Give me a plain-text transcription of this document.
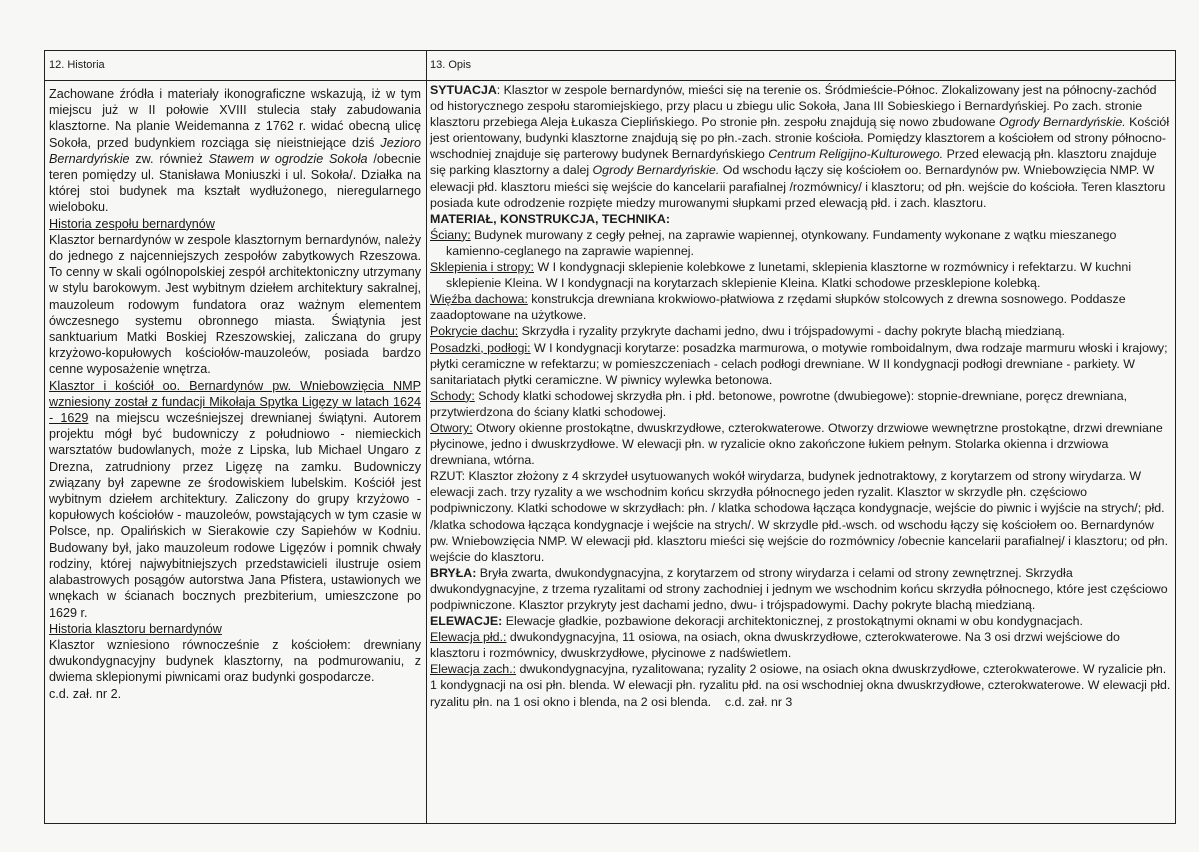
12. Historia

Zachowane źródła i materiały ikonograficzne wskazują, iż w tym miejscu już w II połowie XVIII stulecia stały zabudowania klasztorne. Na planie Weidemanna z 1762 r. widać obecną ulicę Sokoła, przed budynkiem rozciąga się nieistniejące dziś Jezioro Bernardyńskie zw. również Stawem w ogrodzie Sokoła /obecnie teren pomiędzy ul. Stanisława Moniuszki i ul. Sokoła/. Działka na której stoi budynek ma kształt wydłużonego, nieregularnego wieloboku.

Historia zespołu bernardynów

Klasztor bernardynów w zespole klasztornym bernardynów, należy do jednego z najcenniejszych zespołów zabytkowych Rzeszowa. To cenny w skali ogólnopolskiej zespół architektoniczny utrzymany w stylu barokowym. Jest wybitnym dziełem architektury sakralnej, mauzoleum rodowym fundatora oraz ważnym elementem ówczesnego systemu obronnego miasta. Świątynia jest sanktuarium Matki Boskiej Rzeszowskiej, zaliczana do grupy krzyżowo-kopułowych kościołów-mauzoleów, posiada bardzo cenne wyposażenie wnętrza.

Klasztor i kościół oo. Bernardynów pw. Wniebowzięcia NMP wzniesiony został z fundacji Mikołaja Spytka Ligęzy w latach 1624 - 1629 na miejscu wcześniejszej drewnianej świątyni. Autorem projektu mógł być budowniczy z południowo - niemieckich warsztatów budowlanych, może z Lipska, lub Michael Ungaro z Drezna, zatrudniony przez Ligęzę na zamku. Budowniczy związany był zapewne ze środowiskiem lubelskim. Kościół jest wybitnym dziełem architektury. Zaliczony do grupy krzyżowo - kopułowych kościołów - mauzoleów, powstających w tym czasie w Polsce, np. Opalińskich w Sierakowie czy Sapiehów w Kodniu. Budowany był, jako mauzoleum rodowe Ligęzów i pomnik chwały rodziny, której najwybitniejszych przedstawicieli ilustruje osiem alabastrowych posągów autorstwa Jana Pfistera, ustawionych we wnękach w ścianach bocznych prezbiterium, umieszczone po 1629 r.

Historia klasztoru bernardynów

Klasztor wzniesiono równocześnie z kościołem: drewniany dwukondygnacyjny budynek klasztorny, na podmurowaniu, z dwiema sklepionymi piwnicami oraz budynki gospodarcze.

c.d. zał. nr 2.

13. Opis

SYTUACJA: Klasztor w zespole bernardynów, mieści się na terenie os. Śródmieście-Północ. Zlokalizowany jest na północny-zachód od historycznego zespołu staromiejskiego, przy placu u zbiegu ulic Sokoła, Jana III Sobieskiego i Bernardyńskiej. Po zach. stronie klasztoru przebiega Aleja Łukasza Cieplińskiego. Po stronie płn. zespołu znajdują się nowo zbudowane Ogrody Bernardyńskie. Kościół jest orientowany, budynki klasztorne znajdują się po płn.-zach. stronie kościoła. Pomiędzy klasztorem a kościołem od strony północno-wschodniej znajduje się parterowy budynek Bernardyńskiego Centrum Religijno-Kulturowego. Przed elewacją płn. klasztoru znajduje się parking klasztorny a dalej Ogrody Bernardyńskie. Od wschodu łączy się kościołem oo. Bernardynów pw. Wniebowzięcia NMP. W elewacji płd. klasztoru mieści się wejście do kancelarii parafialnej /rozmównicy/ i klasztoru; od płn. wejście do kościoła. Teren klasztoru posiada kute odrodzenie rozpięte miedzy murowanymi słupkami przed elewacją płd. i zach. klasztoru.

MATERIAŁ, KONSTRUKCJA, TECHNIKA:

Ściany: Budynek murowany z cegły pełnej, na zaprawie wapiennej, otynkowany. Fundamenty wykonane z wątku mieszanego kamienno-ceglanego na zaprawie wapiennej.

Sklepienia i stropy: W I kondygnacji sklepienie kolebkowe z lunetami, sklepienia klasztorne w rozmównicy i refektarzu. W kuchni sklepienie Kleina. W I kondygnacji na korytarzach sklepienie Kleina. Klatki schodowe przesklepione kolebką.

Więźba dachowa: konstrukcja drewniana krokwiowo-płatwiowa z rzędami słupków stolcowych z drewna sosnowego. Poddasze zaadoptowane na użytkowe.

Pokrycie dachu: Skrzydła i ryzality przykryte dachami jedno, dwu i trójspadowymi - dachy pokryte blachą miedzianą.

Posadzki, podłogi: W I kondygnacji korytarze: posadzka marmurowa, o motywie romboidalnym, dwa rodzaje marmuru włoski i krajowy; płytki ceramiczne w refektarzu; w pomieszczeniach - celach podłogi drewniane. W II kondygnacji podłogi drewniane - parkiety. W sanitariatach płytki ceramiczne. W piwnicy wylewka betonowa.

Schody: Schody klatki schodowej skrzydła płn. i płd. betonowe, powrotne (dwubiegowe): stopnie-drewniane, poręcz drewniana, przytwierdzona do ściany klatki schodowej.

Otwory: Otwory okienne prostokątne, dwuskrzydłowe, czterokwaterowe. Otworzy drzwiowe wewnętrzne prostokątne, drzwi drewniane płycinowe, jedno i dwuskrzydłowe. W elewacji płn. w ryzalicie okno zakończone łukiem pełnym. Stolarka okienna i drzwiowa drewniana, wtórna.

RZUT: Klasztor złożony z 4 skrzydeł usytuowanych wokół wirydarza, budynek jednotraktowy, z korytarzem od strony wirydarza. W elewacji zach. trzy ryzality a we wschodnim końcu skrzydła północnego jeden ryzalit. Klasztor w skrzydle płn. częściowo podpiwniczony. Klatki schodowe w skrzydłach: płn. / klatka schodowa łącząca kondygnacje, wejście do piwnic i wyjście na strych/; płd. /klatka schodowa łącząca kondygnacje i wejście na strych/. W skrzydle płd.-wsch. od wschodu łączy się kościołem oo. Bernardynów pw. Wniebowzięcia NMP. W elewacji płd. klasztoru mieści się wejście do rozmównicy /obecnie kancelarii parafialnej/ i klasztoru; od płn. wejście do klasztoru.

BRYŁA: Bryła zwarta, dwukondygnacyjna, z korytarzem od strony wirydarza i celami od strony zewnętrznej. Skrzydła dwukondygnacyjne, z trzema ryzalitami od strony zachodniej i jednym we wschodnim końcu skrzydła północnego, które jest częściowo podpiwniczone. Klasztor przykryty jest dachami jedno, dwu- i trójspadowymi. Dachy pokryte blachą miedzianą.

ELEWACJE: Elewacje gładkie, pozbawione dekoracji architektonicznej, z prostokątnymi oknami w obu kondygnacjach.

Elewacja płd.: dwukondygnacyjna, 11 osiowa, na osiach, okna dwuskrzydłowe, czterokwaterowe. Na 3 osi drzwi wejściowe do klasztoru i rozmównicy, dwuskrzydłowe, płycinowe z nadświetlem.

Elewacja zach.: dwukondygnacyjna, ryzalitowana; ryzality 2 osiowe, na osiach okna dwuskrzydłowe, czterokwaterowe. W ryzalicie płn. 1 kondygnacji na osi płn. blenda. W elewacji płn. ryzalitu płd. na osi wschodniej okna dwuskrzydłowe, czterokwaterowe. W elewacji płd. ryzalitu płn. na 1 osi okno i blenda, na 2 osi blenda. c.d. zał. nr 3
